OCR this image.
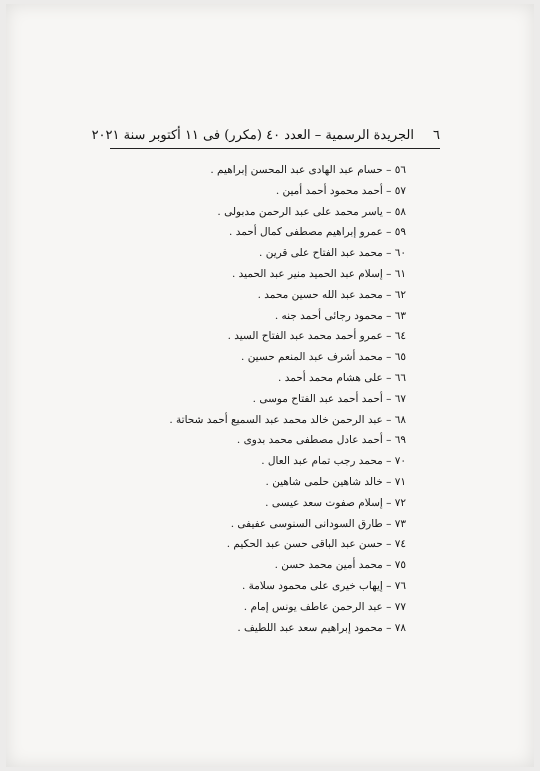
٦
الجريدة الرسمية – العدد ٤٠ (مكرر) فى ١١ أكتوبر سنة ٢٠٢١
٥٦ – حسام عبد الهادى عبد المحسن إبراهيم .
٥٧ – أحمد محمود أحمد أمين .
٥٨ – ياسر محمد على عبد الرحمن مدبولى .
٥٩ – عمرو إبراهيم مصطفى كمال أحمد .
٦٠ – محمد عبد الفتاح على قرين .
٦١ – إسلام عبد الحميد منير عبد الحميد .
٦٢ – محمد عبد الله حسين محمد .
٦٣ – محمود رجائى أحمد جنه .
٦٤ – عمرو أحمد محمد عبد الفتاح السيد .
٦٥ – محمد أشرف عبد المنعم حسين .
٦٦ – على هشام محمد أحمد .
٦٧ – أحمد أحمد عبد الفتاح موسى .
٦٨ – عبد الرحمن خالد محمد عبد السميع أحمد شحاتة .
٦٩ – أحمد عادل مصطفى محمد بدوى .
٧٠ – محمد رجب تمام عبد العال .
٧١ – خالد شاهين حلمى شاهين .
٧٢ – إسلام صفوت سعد عيسى .
٧٣ – طارق السودانى السنوسى عفيفى .
٧٤ – حسن عبد الباقى حسن عبد الحكيم .
٧٥ – محمد أمين محمد حسن .
٧٦ – إيهاب خيرى على محمود سلامة .
٧٧ – عبد الرحمن عاطف يونس إمام .
٧٨ – محمود إبراهيم سعد عبد اللطيف .
